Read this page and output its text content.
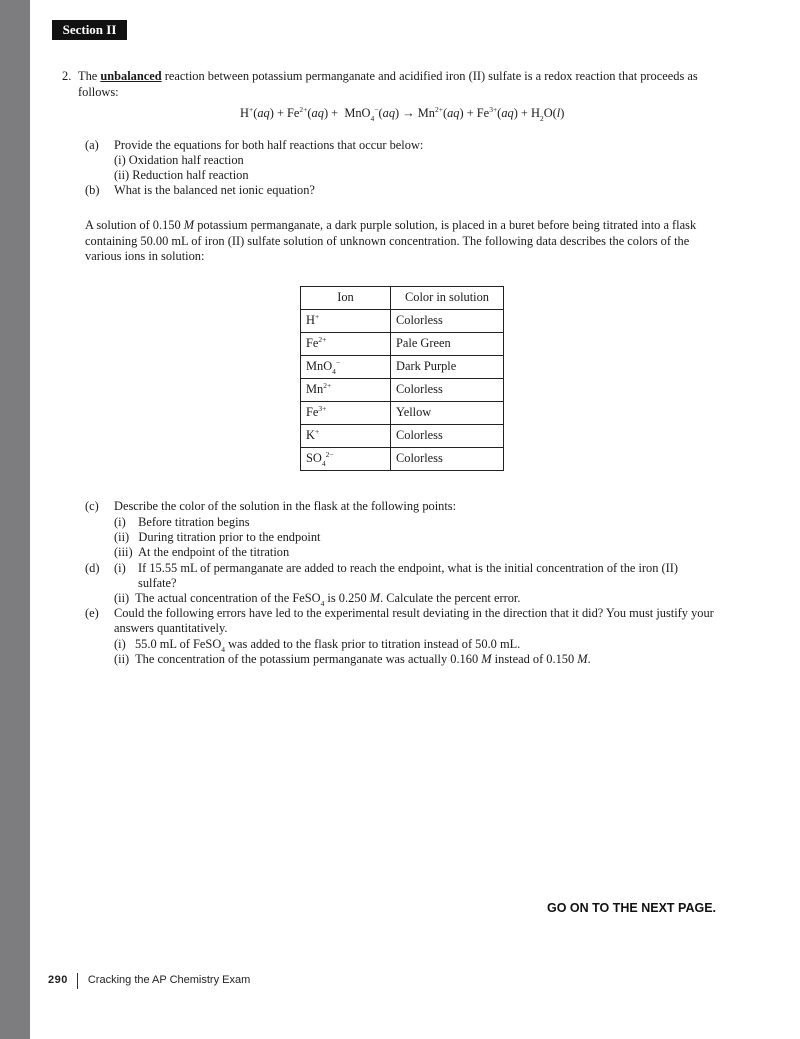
Section II
2. The unbalanced reaction between potassium permanganate and acidified iron (II) sulfate is a redox reaction that proceeds as
follows:
$H^+(aq) + Fe^{2+}(aq) + MnO_4^-(aq) \to Mn^{2+}(aq) + Fe^{3+}(aq) + H_2O(l)$
(a) Provide the equations for both half reactions that occur below:
(i) Oxidation half reaction
(ii) Reduction half reaction
(b) What is the balanced net ionic equation?
A solution of 0.150 M potassium permanganate, a dark purple solution, is placed in a buret before being titrated into a flask
containing 50.00 mL of iron (II) sulfate solution of unknown concentration. The following data describes the colors of the
various ions in solution:
Ion	Color in solution
H+	Colorless
$Fe^{2+}$	Pale Green
MnO$_4$−	Dark Purple
$Mn^{2+}$	Colorless
$Fe^{3+}$	Yellow
K+	Colorless
$SO_4^{2-}$	Colorless
(c) Describe the color of the solution in the flask at the following points:
(i)    Before titration begins
(ii)   During titration prior to the endpoint
(iii)  At the endpoint of the titration
(d) (i) If 15.55 mL of permanganate are added to reach the endpoint, what is the initial concentration of the iron (II)
sulfate?
(ii)  The actual concentration of the FeSO$_4$ is 0.250 M. Calculate the percent error.
(e) Could the following errors have led to the experimental result deviating in the direction that it did? You must justify your
answers quantitatively.
(i)   55.0 mL of FeSO$_4$ was added to the flask prior to titration instead of 50.0 mL.
(ii)  The concentration of the potassium permanganate was actually 0.160 M instead of 0.150 M.
GO ON TO THE NEXT PAGE.
290 Cracking the AP Chemistry Exam
